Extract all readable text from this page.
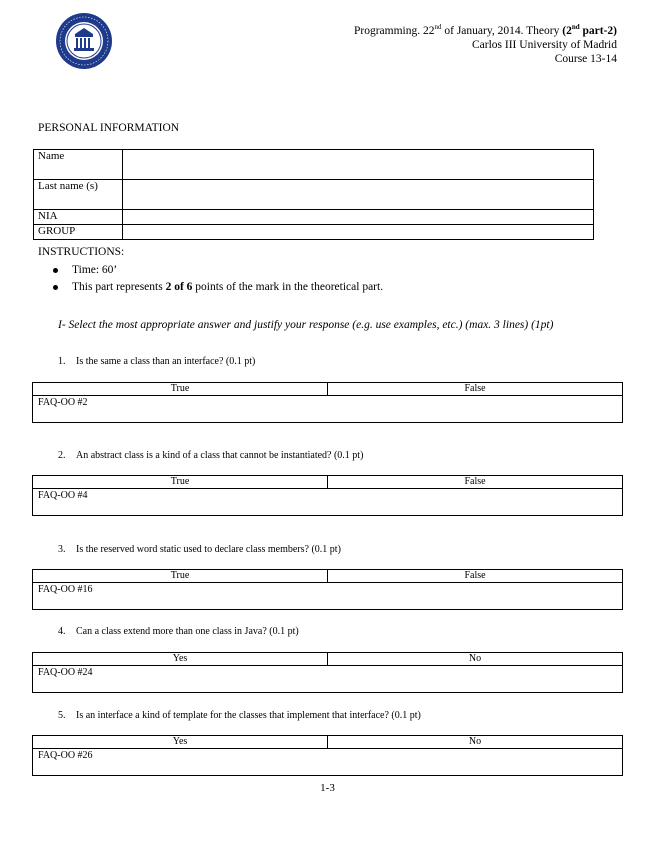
Programming. 22nd of January, 2014. Theory (2nd part-2)
Carlos III University of Madrid
Course 13-14
PERSONAL INFORMATION
Name	
Last name (s)	
NIA	
GROUP	
INSTRUCTIONS:
Time: 60’
This part represents 2 of 6 points of the mark in the theoretical part.
I- Select the most appropriate answer and justify your response (e.g. use examples, etc.) (max. 3 lines) (1pt)
1. Is the same a class than an interface? (0.1 pt)
True	False
FAQ-OO #2
2. An abstract class is a kind of a class that cannot be instantiated? (0.1 pt)
True	False
FAQ-OO #4
3. Is the reserved word static used to declare class members? (0.1 pt)
True	False
FAQ-OO #16
4. Can a class extend more than one class in Java? (0.1 pt)
Yes	No
FAQ-OO #24
5. Is an interface a kind of template for the classes that implement that interface? (0.1 pt)
Yes	No
FAQ-OO #26
1-3
